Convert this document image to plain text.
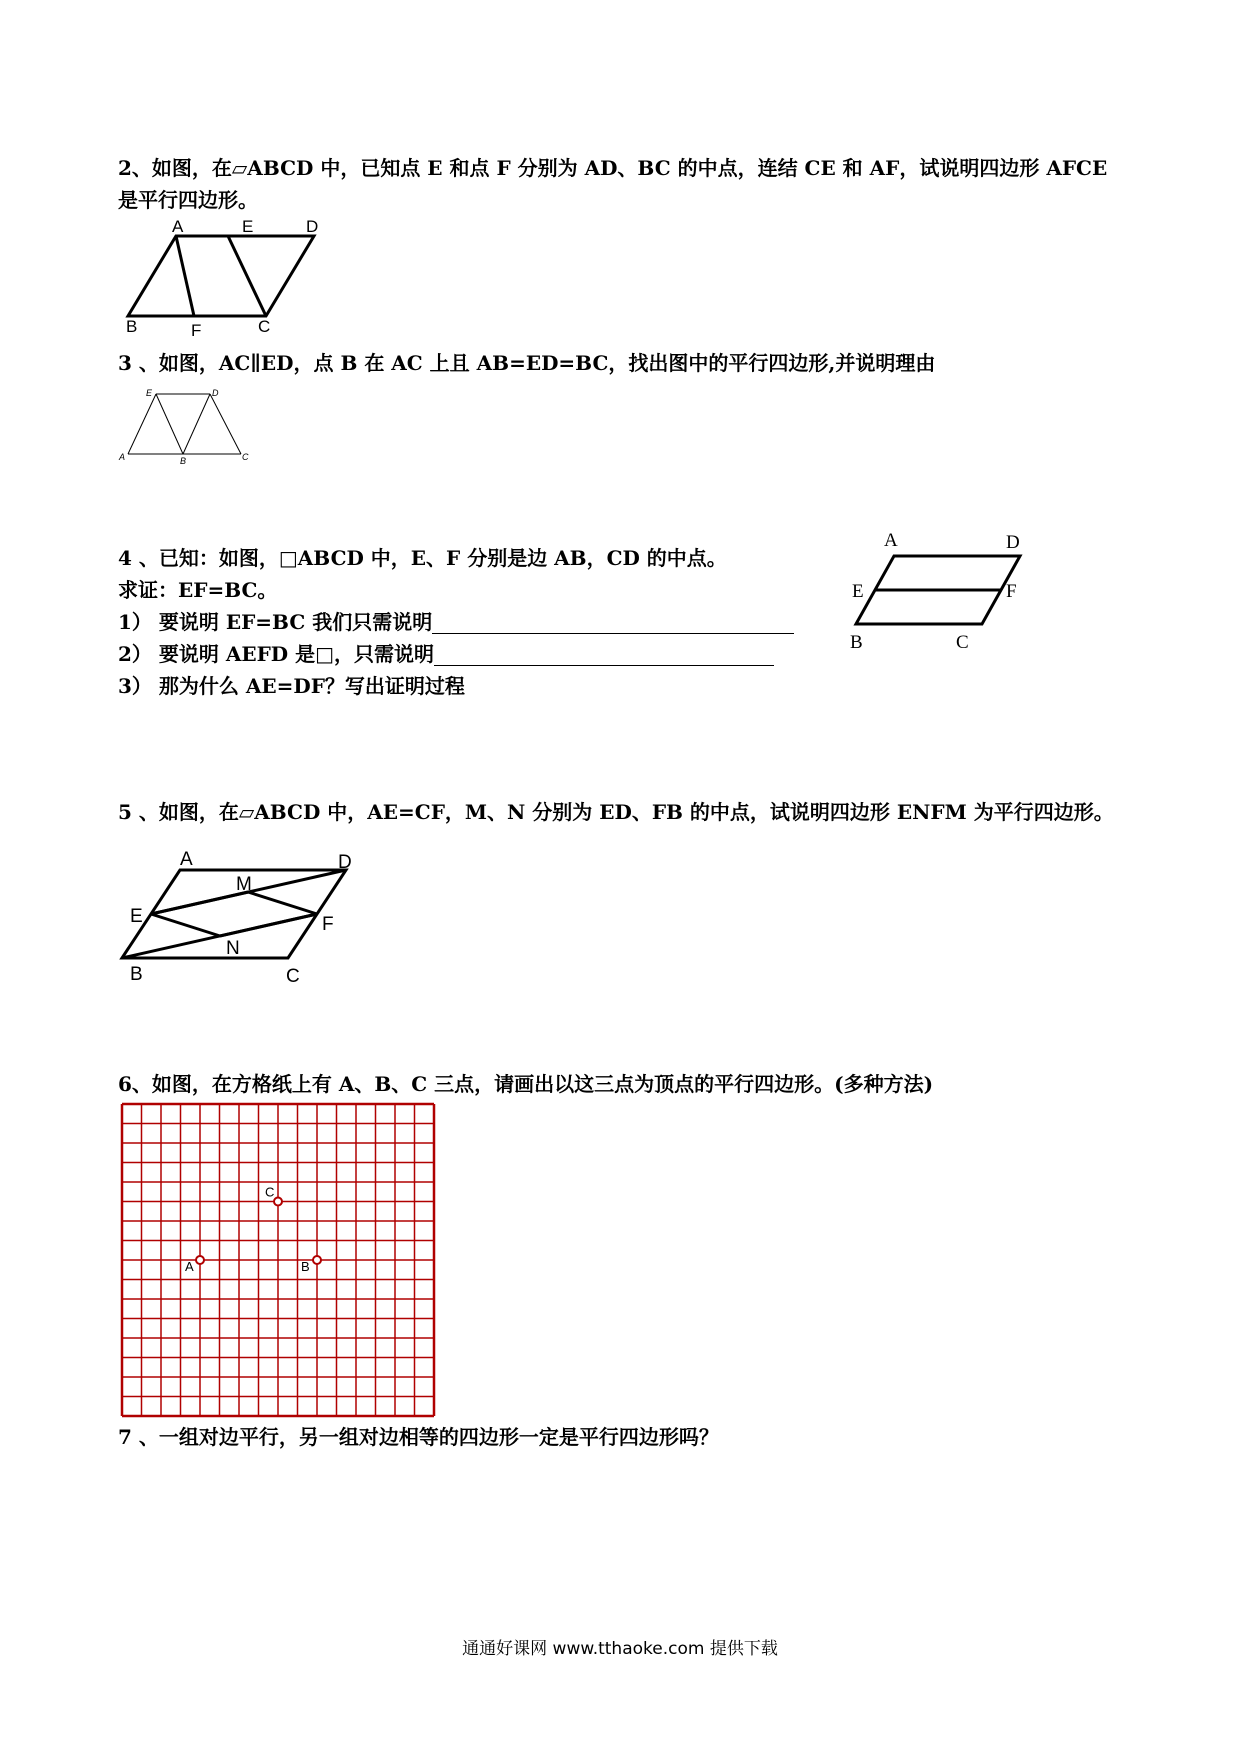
2、如图，在▱ABCD 中，已知点 E 和点 F 分别为 AD、BC 的中点，连结 CE 和 AF，试说明四边形 AFCE
是平行四边形。
A	E	D
B	F	C
3 、如图，AC∥ED，点 B 在 AC 上且 AB=ED=BC，找出图中的平行四边形,并说明理由
E	D
A	B	C
4 、已知：如图，□ABCD 中，E、F 分别是边 AB，CD 的中点。
求证：EF=BC。
1） 要说明 EF=BC 我们只需说明
2） 要说明 AEFD 是□，只需说明
3） 那为什么 AE=DF？写出证明过程
A	D
E	F
B	C
5 、如图，在▱ABCD 中，AE=CF，M、N 分别为 ED、FB 的中点，试说明四边形 ENFM 为平行四边形。
A	D
M
E	F
N
B	C
6、如图，在方格纸上有 A、B、C 三点，请画出以这三点为顶点的平行四边形。(多种方法)
A	B
C
7 、一组对边平行，另一组对边相等的四边形一定是平行四边形吗？
通通好课网 www.tthaoke.com 提供下载
